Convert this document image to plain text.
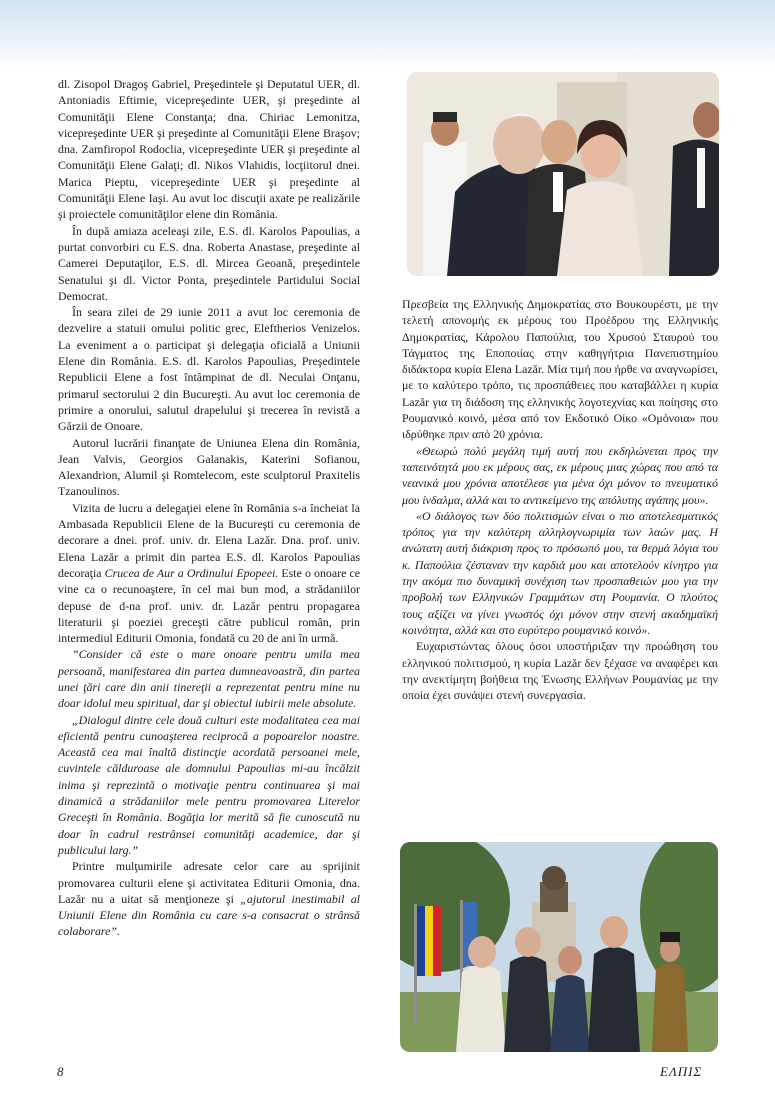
dl. Zisopol Dragoş Gabriel, Preşedintele şi Deputatul UER, dl. Antoniadis Eftimie, vicepreşedinte UER, şi preşedinte al Comunităţii Elene Constanţa; dna. Chiriac Lemonitza, vicepreşedinte UER şi preşedinte al Comunităţii Elene Braşov; dna. Zamfiropol Rodoclia, vicepreşedinte UER şi preşedinte al Comunităţii Elene Galaţi; dl. Nikos Vlahidis, locţiitorul dnei. Marica Pieptu, vicepreşedinte UER şi preşedinte al Comunităţii Elene Iaşi. Au avut loc discuţii axate pe realizările şi proiectele comunităţilor elene din România.

În după amiaza aceleaşi zile, E.S. dl. Karolos Papoulias, a purtat convorbiri cu E.S. dna. Roberta Anastase, preşedinte al Camerei Deputaţilor, E.S. dl. Mircea Geoană, preşedintele Senatului şi dl. Victor Ponta, preşedintele Partidului Social Democrat.

În seara zilei de 29 iunie 2011 a avut loc ceremonia de dezvelire a statuii omului politic grec, Eleftherios Venizelos. La eveniment a o participat şi delegaţia oficială a Uniunii Elene din România. E.S. dl. Karolos Papoulias, Preşedintele Republicii Elene a fost întâmpinat de dl. Neculai Onţanu, primarul sectorului 2 din Bucureşti. Au avut loc ceremonia de primire a onorului, salutul drapelului şi trecerea în revistă a Gărzii de Onoare.

Autorul lucrării finanţate de Uniunea Elena din România, Jean Valvis, Georgios Galanakis, Katerini Sofianou, Alexandrion, Alumil şi Romtelecom, este sculptorul Praxitelis Tzanoulinos.

Vizita de lucru a delegaţiei elene în România s-a încheiat la Ambasada Republicii Elene de la Bucureşti cu ceremonia de decorare a dnei. prof. univ. dr. Elena Lazăr. Dna. prof. univ. Elena Lazăr a primit din partea E.S. dl. Karolos Papoulias decoraţia Crucea de Aur a Ordinului Epopeei. Este o onoare ce vine ca o recunoaştere, în cel mai bun mod, a strădaniilor depuse de d-na prof. univ. dr. Lazăr pentru propagarea literaturii şi poeziei greceşti către publicul român, prin intermediul Editurii Omonia, fondată cu 20 de ani în urmă.

”Consider că este o mare onoare pentru umila mea persoană, manifestarea din partea dumneavoastră, din partea unei ţări care din anii tinereţii a reprezentat pentru mine nu doar idolul meu spiritual, dar şi obiectul iubirii mele absolute.

„Dialogul dintre cele două culturi este modalitatea cea mai eficientă pentru cunoaşterea reciprocă a popoarelor noastre. Această cea mai înaltă distincţie acordată persoanei mele, cuvintele călduroase ale domnului Papoulias mi-au încălzit inima şi reprezintă o motivaţie pentru continuarea şi mai dinamică a strădaniilor mele pentru promovarea Literelor Greceşti în România. Bogăţia lor merită să fie cunoscută nu doar în cadrul restrânsei comunităţi academice, dar şi publicului larg.”

Printre mulţumirile adresate celor care au sprijinit promovarea culturii elene şi activitatea Editurii Omonia, dna. Lazăr nu a uitat să menţioneze şi „ajutorul inestimabil al Uniunii Elene din România cu care s-a consacrat o strânsă colaborare”.

Πρεσβεία της Ελληνικής Δημοκρατίας στο Βουκουρέστι, με την τελετή απονομής εκ μέρους του Προέδρου της Ελληνικής Δημοκρατίας, Κάρολου Παπούλια, του Χρυσού Σταυρού του Τάγματος της Εποποιίας στην καθηγήτρια Πανεπιστημίου διδάκτορα κυρία Elena Lazăr. Μία τιμή που ήρθε να αναγνωρίσει, με το καλύτερο τρόπο, τις προσπάθειες που καταβάλλει η κυρία Lazăr για τη διάδοση της ελληνικής λογοτεχνίας και ποίησης στο Ρουμανικό κοινό, μέσα από τον Εκδοτικό Οίκο «Ομόνοια» που ιδρύθηκε πριν από 20 χρόνια.

«Θεωρώ πολύ μεγάλη τιμή αυτή που εκδηλώνεται προς την ταπεινότητά μου εκ μέρους σας, εκ μέρους μιας χώρας που από τα νεανικά μου χρόνια αποτέλεσε για μένα όχι μόνον το πνευματικό μου ίνδαλμα, αλλά και το αντικείμενο της απόλυτης αγάπης μου».

«Ο διάλογος των δύο πολιτισμών είναι ο πιο αποτελεσματικός τρόπος για την καλύτερη αλληλογνωριμία των λαών μας. Η ανώτατη αυτή διάκριση προς το πρόσωπό μου, τα θερμά λόγια του κ. Παπούλια ζέσταναν την καρδιά μου και αποτελούν κίνητρο για την ακόμα πιο δυναμική συνέχιση των προσπαθειών μου για την προβολή των Ελληνικών Γραμμάτων στη Ρουμανία. Ο πλούτος τους αξίζει να γίνει γνωστός όχι μόνον στην στενή ακαδημαϊκή κοινότητα, αλλά και στο ευρύτερο ρουμανικό κοινό».

Ευχαριστώντας όλους όσοι υποστήριξαν την προώθηση του ελληνικού πολιτισμού, η κυρία Lazăr δεν ξέχασε να αναφέρει και την ανεκτίμητη βοήθεια της Ένωσης Ελλήνων Ρουμανίας με την οποία έχει συνάψει στενή συνεργασία.

8	ΕΛΠΙΣ
